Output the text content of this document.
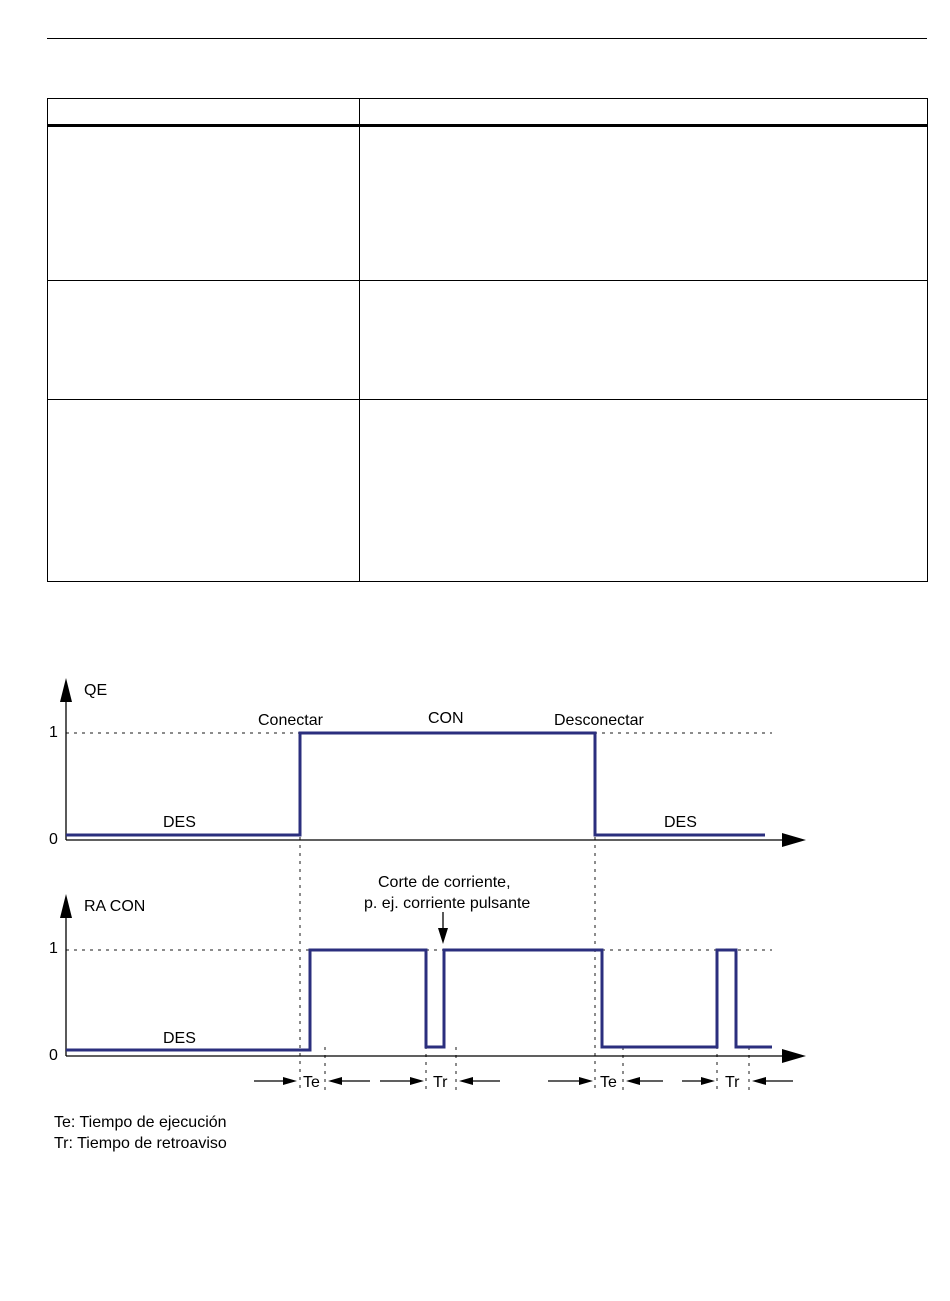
QE
1
0
Conectar	CON	Desconectar
DES	DES
Corte de corriente,
p. ej. corriente pulsante
RA CON
1
0
DES
Te	Tr	Te	Tr
Te: Tiempo de ejecución
Tr: Tiempo de retroaviso
